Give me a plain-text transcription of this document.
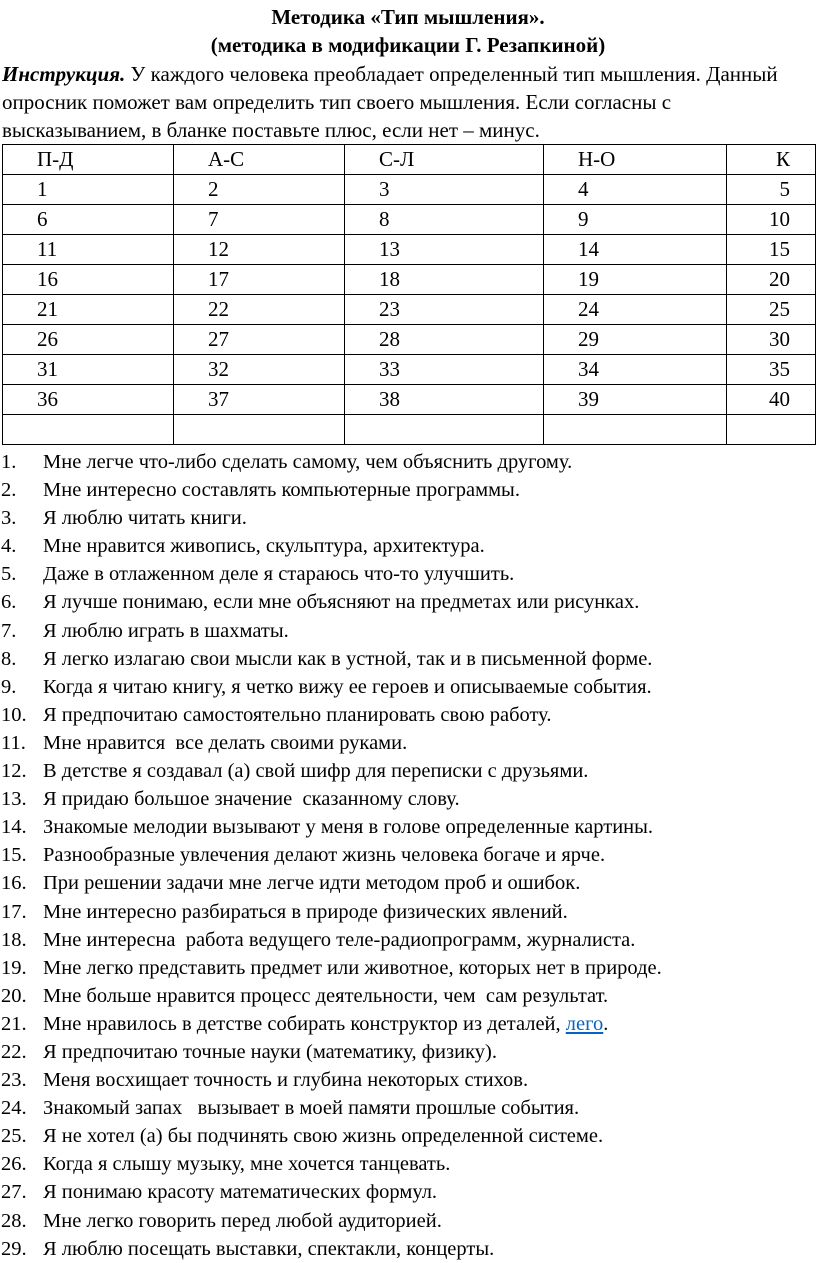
Методика «Тип мышления».

(методика в модификации Г. Резапкиной)

Инструкция. У каждого человека преобладает определенный тип мышления. Данный опросник поможет вам определить тип своего мышления. Если согласны с высказыванием, в бланке поставьте плюс, если нет – минус.

П-Д	А-С	С-Л	Н-О	К
1	2	3	4	5
6	7	8	9	10
11	12	13	14	15
16	17	18	19	20
21	22	23	24	25
26	27	28	29	30
31	32	33	34	35
36	37	38	39	40

1. Мне легче что-либо сделать самому, чем объяснить другому.
2. Мне интересно составлять компьютерные программы.
3. Я люблю читать книги.
4. Мне нравится живопись, скульптура, архитектура.
5. Даже в отлаженном деле я стараюсь что-то улучшить.
6. Я лучше понимаю, если мне объясняют на предметах или рисунках.
7. Я люблю играть в шахматы.
8. Я легко излагаю свои мысли как в устной, так и в письменной форме.
9. Когда я читаю книгу, я четко вижу ее героев и описываемые события.
10. Я предпочитаю самостоятельно планировать свою работу.
11. Мне нравится  все делать своими руками.
12. В детстве я создавал (а) свой шифр для переписки с друзьями.
13. Я придаю большое значение  сказанному слову.
14. Знакомые мелодии вызывают у меня в голове определенные картины.
15. Разнообразные увлечения делают жизнь человека богаче и ярче.
16. При решении задачи мне легче идти методом проб и ошибок.
17. Мне интересно разбираться в природе физических явлений.
18. Мне интересна  работа ведущего теле-радиопрограмм, журналиста.
19. Мне легко представить предмет или животное, которых нет в природе.
20. Мне больше нравится процесс деятельности, чем  сам результат.
21. Мне нравилось в детстве собирать конструктор из деталей, лего.
22. Я предпочитаю точные науки (математику, физику).
23. Меня восхищает точность и глубина некоторых стихов.
24. Знакомый запах   вызывает в моей памяти прошлые события.
25. Я не хотел (а) бы подчинять свою жизнь определенной системе.
26. Когда я слышу музыку, мне хочется танцевать.
27. Я понимаю красоту математических формул.
28. Мне легко говорить перед любой аудиторией.
29. Я люблю посещать выставки, спектакли, концерты.
